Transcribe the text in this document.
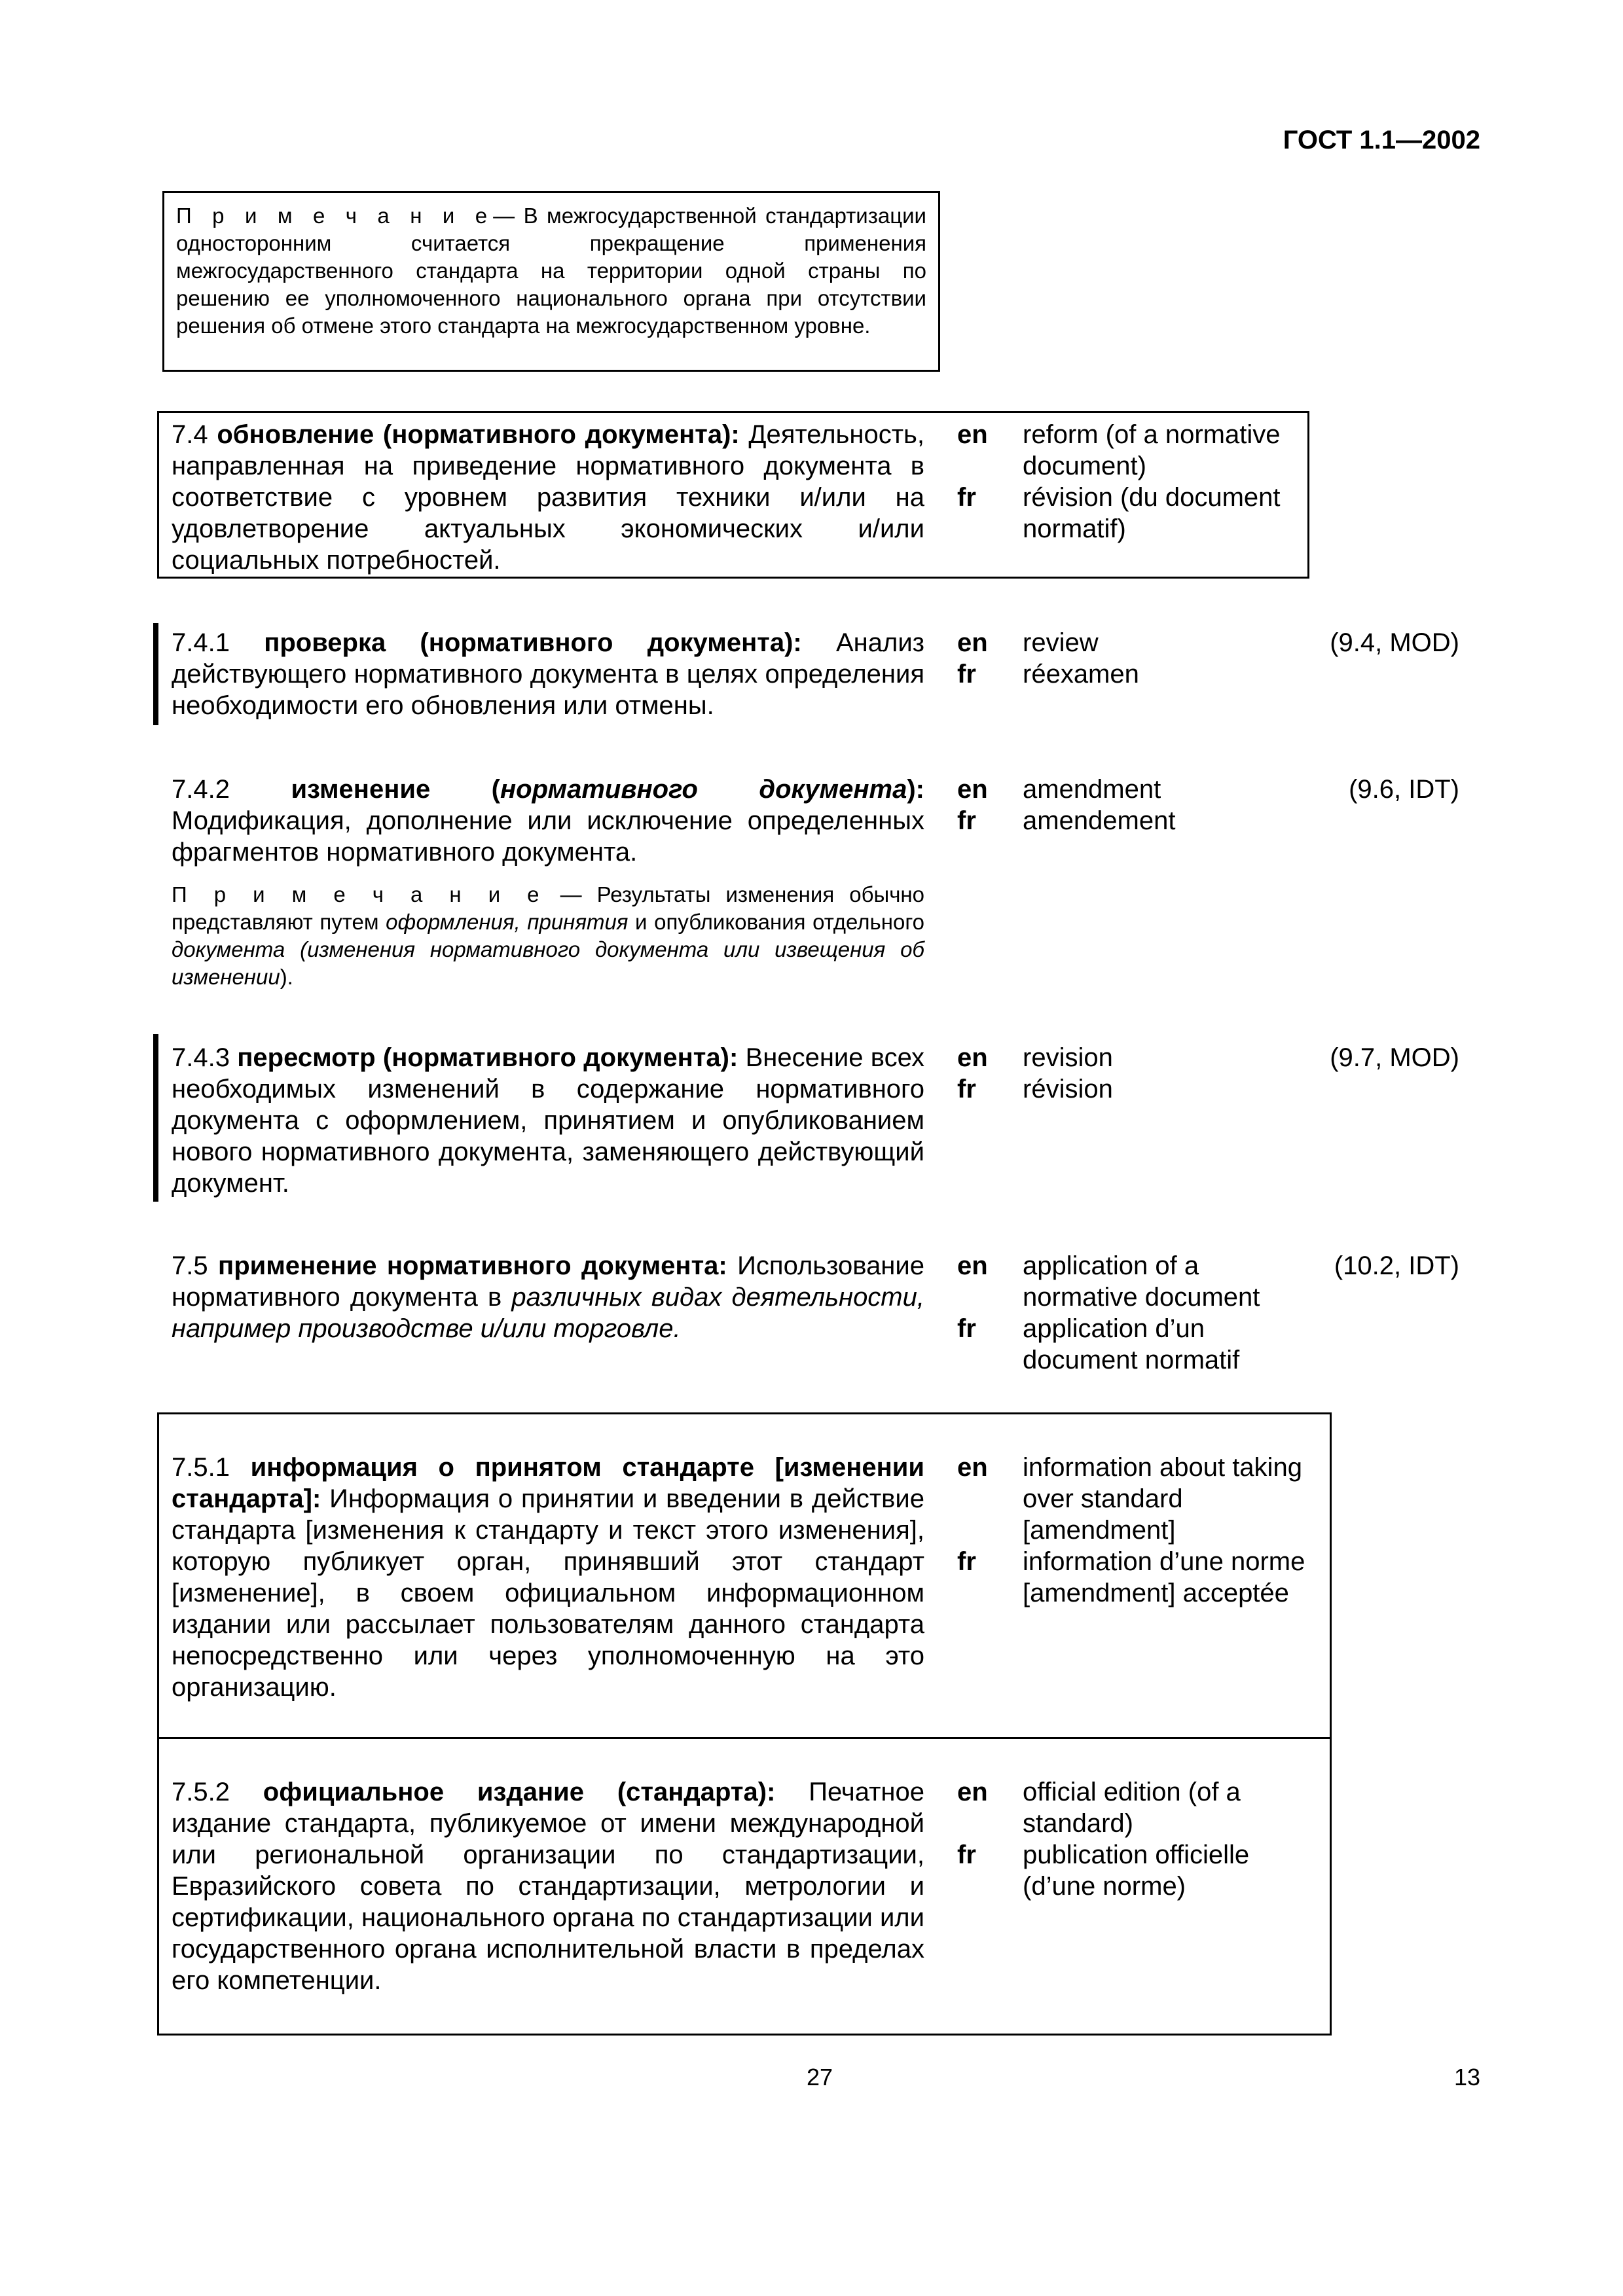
ГОСТ 1.1—2002
П р и м е ч а н и е— В межгосударственной стандартизации односторонним считается прекращение применения межгосударственного стандарта на территории одной страны по решению ее уполномоченного национального органа при отсутствии решения об отмене этого стандарта на межгосударственном уровне.
7.4 обновление (нормативного документа): Деятельность, направленная на приведение нормативного документа в соответствие с уровнем развития техники и/или на удовлетворение актуальных экономических и/или социальных потребностей.
en	reform (of a normative document)
fr	révision (du document normatif)
7.4.1 проверка (нормативного документа): Анализ действующего нормативного документа в целях определения необходимости его обновления или отмены.
en	review
fr	réexamen
(9.4, MOD)
7.4.2 изменение (нормативного документа): Модификация, дополнение или исключение определенных фрагментов нормативного документа.
П р и м е ч а н и е — Результаты изменения обычно представляют путем оформления, принятия и опубликования отдельного документа (изменения нормативного документа или извещения об изменении).
en	amendment
fr	amendement
(9.6, IDT)
7.4.3 пересмотр (нормативного документа): Внесение всех необходимых изменений в содержание нормативного документа с оформлением, принятием и опубликованием нового нормативного документа, заменяющего действующий документ.
en	revision
fr	révision
(9.7, MOD)
7.5 применение нормативного документа: Использование нормативного документа в различных видах деятельности, например производстве и/или торговле.
en	application of a normative document
fr	application d’un document normatif
(10.2, IDT)
7.5.1 информация о принятом стандарте [изменении стандарта]: Информация о принятии и введении в действие стандарта [изменения к стандарту и текст этого изменения], которую публикует орган, принявший этот стандарт [изменение], в своем официальном информационном издании или рассылает пользователям данного стандарта непосредственно или через уполномоченную на это организацию.
en	information about taking over standard [amendment]
fr	information d’une norme [amendment] acceptée
7.5.2 официальное издание (стандарта): Печатное издание стандарта, публикуемое от имени международной или региональной организации по стандартизации, Евразийского совета по стандартизации, метрологии и сертификации, национального органа по стандартизации или государственного органа исполнительной власти в пределах его компетенции.
en	official edition (of a standard)
fr	publication officielle (d’une norme)
27	13
